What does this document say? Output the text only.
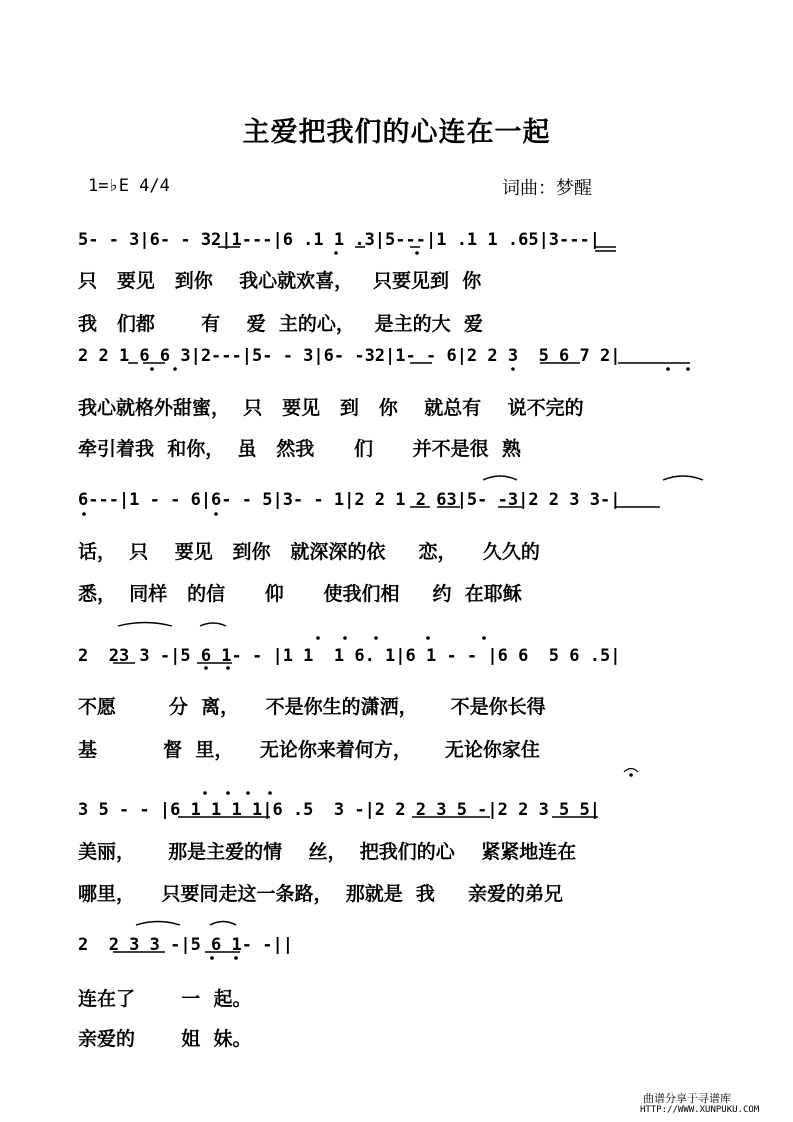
主爱把我们的心连在一起
1=♭E 4/4	词曲：梦醒
5- - 3|6- - 32|1---|6 .1 1 .3|5---|1 .1 1 .65|3---|
只   要见   到你    我心就欢喜，   只要见到  你
我   们都       有    爱  主的心，   是主的大  爱
2 2 1 6 6 3|2---|5- - 3|6- -32|1- - 6|2 2 3  5 6 7 2|
我心就格外甜蜜，  只   要见   到   你    就总有    说不完的
牵引着我  和你，  虽   然我      们      并不是很  熟
6---|1 - - 6|6- - 5|3- - 1|2 2 1 2 63|5- -3|2 2 3 3-|
话，  只    要见   到你   就深深的依     恋，    久久的
悉，  同样   的信      仰      使我们相     约  在耶稣
2  23 3 -|5 6 1- - |1 1  1 6. 1|6 1 - - |6 6  5 6 .5|
不愿        分  离，    不是你生的潇洒，     不是你长得
基          督  里，    无论你来着何方，     无论你家住
3 5 - - |6 1 1 1 1|6 .5  3 -|2 2 2 3 5 -|2 2 3 5 5|
美丽，     那是主爱的情    丝，  把我们的心    紧紧地连在
哪里，    只要同走这一条路，  那就是  我     亲爱的弟兄
2  2 3 3 -|5 6 1- -||
连在了       一  起。
亲爱的       姐  妹。
曲谱分享于寻谱库
HTTP://WWW.XUNPUKU.COM
